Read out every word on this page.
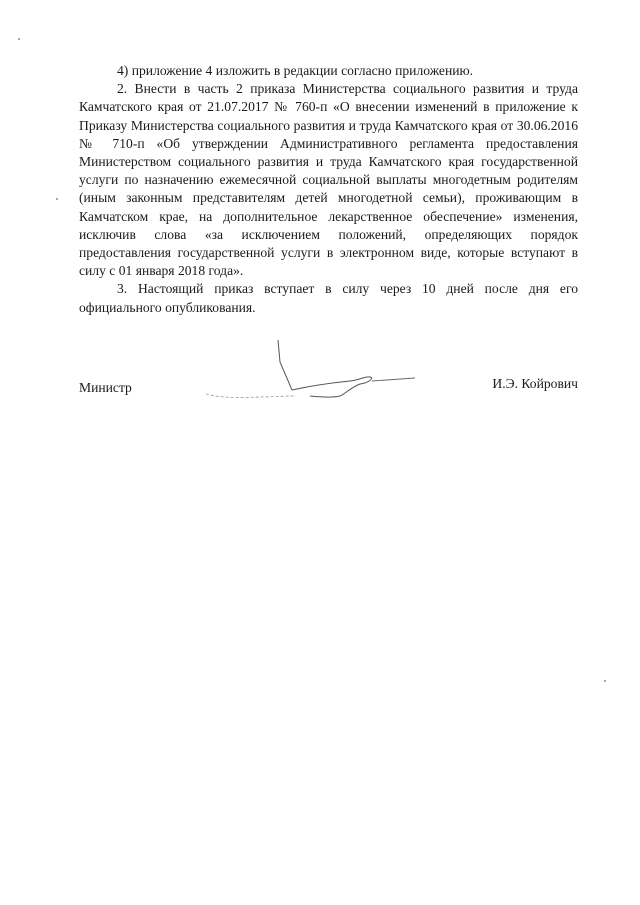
4) приложение 4 изложить в редакции согласно приложению.

2. Внести в часть 2 приказа Министерства социального развития и труда Камчатского края от 21.07.2017 № 760-п «О внесении изменений в приложение к Приказу Министерства социального развития и труда Камчатского края от 30.06.2016 № 710-п «Об утверждении Административного регламента предоставления Министерством социального развития и труда Камчатского края государственной услуги по назначению ежемесячной социальной выплаты многодетным родителям (иным законным представителям детей многодетной семьи), проживающим в Камчатском крае, на дополнительное лекарственное обеспечение» изменения, исключив слова «за исключением положений, определяющих порядок предоставления государственной услуги в электронном виде, которые вступают в силу с 01 января 2018 года».

3. Настоящий приказ вступает в силу через 10 дней после дня его официального опубликования.

Министр	И.Э. Койрович
